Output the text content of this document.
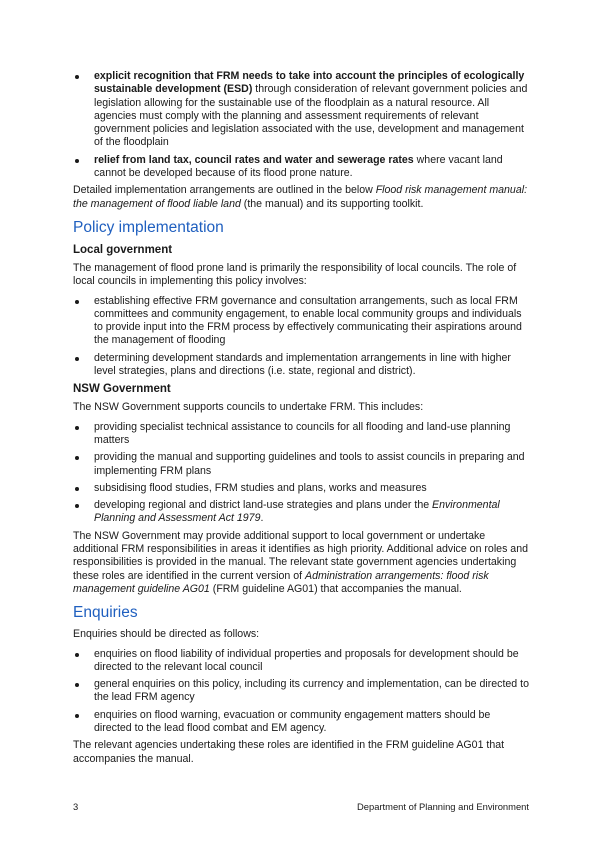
explicit recognition that FRM needs to take into account the principles of ecologically sustainable development (ESD) through consideration of relevant government policies and legislation allowing for the sustainable use of the floodplain as a natural resource. All agencies must comply with the planning and assessment requirements of relevant government policies and legislation associated with the use, development and management of the floodplain
relief from land tax, council rates and water and sewerage rates where vacant land cannot be developed because of its flood prone nature.

Detailed implementation arrangements are outlined in the below Flood risk management manual: the management of flood liable land (the manual) and its supporting toolkit.

Policy implementation
Local government

The management of flood prone land is primarily the responsibility of local councils. The role of local councils in implementing this policy involves:

establishing effective FRM governance and consultation arrangements, such as local FRM committees and community engagement, to enable local community groups and individuals to provide input into the FRM process by effectively communicating their aspirations around the management of flooding
determining development standards and implementation arrangements in line with higher level strategies, plans and directions (i.e. state, regional and district).
NSW Government

The NSW Government supports councils to undertake FRM. This includes:

providing specialist technical assistance to councils for all flooding and land-use planning matters
providing the manual and supporting guidelines and tools to assist councils in preparing and implementing FRM plans
subsidising flood studies, FRM studies and plans, works and measures
developing regional and district land-use strategies and plans under the Environmental Planning and Assessment Act 1979.

The NSW Government may provide additional support to local government or undertake additional FRM responsibilities in areas it identifies as high priority. Additional advice on roles and responsibilities is provided in the manual. The relevant state government agencies undertaking these roles are identified in the current version of Administration arrangements: flood risk management guideline AG01 (FRM guideline AG01) that accompanies the manual.

Enquiries

Enquiries should be directed as follows:

enquiries on flood liability of individual properties and proposals for development should be directed to the relevant local council
general enquiries on this policy, including its currency and implementation, can be directed to the lead FRM agency
enquiries on flood warning, evacuation or community engagement matters should be directed to the lead flood combat and EM agency.

The relevant agencies undertaking these roles are identified in the FRM guideline AG01 that accompanies the manual.

3	Department of Planning and Environment
